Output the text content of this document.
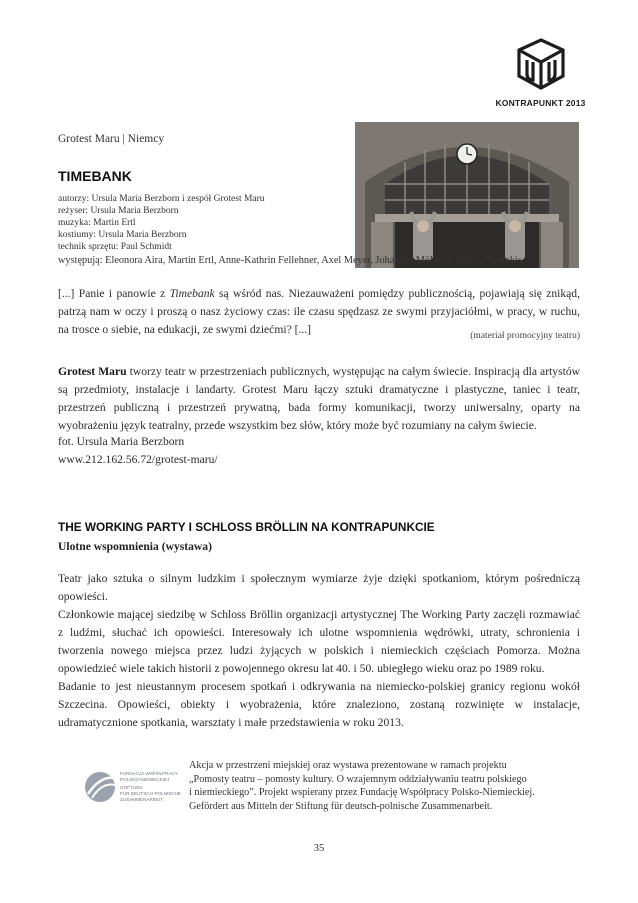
KONTRAPUNKT 2013
Grotest Maru | Niemcy
TIMEBANK
autorzy: Ursula Maria Berzborn i zespół Grotest Maru
reżyser: Ursula Maria Berzborn
muzyka: Martin Ertl
kostiumy: Ursula Maria Berzborn
technik sprzętu: Paul Schmidt
występują: Eleonora Aira, Martin Ertl, Anne-Kathrin Fellehner, Axel Meyer, Johannes Mölders, Spiros Paterakis

[...] Panie i panowie z Timebank są wśród nas. Niezauważeni pomiędzy publicznością, pojawiają się znikąd, patrzą nam w oczy i proszą o nasz życiowy czas: ile czasu spędzasz ze swymi przyjaciółmi, w pracy, w ruchu, na trosce o siebie, na edukacji, ze swymi dziećmi? [...]	(materiał promocyjny teatru)

Grotest Maru tworzy teatr w przestrzeniach publicznych, występując na całym świecie. Inspiracją dla artystów są przedmioty, instalacje i landarty. Grotest Maru łączy sztuki dramatyczne i plastyczne, taniec i teatr, przestrzeń publiczną i przestrzeń prywatną, bada formy komunikacji, tworzy uniwersalny, oparty na wyobrażeniu język teatralny, przede wszystkim bez słów, który może być rozumiany na całym świecie.

fot. Ursula Maria Berzborn
www.212.162.56.72/grotest-maru/
THE WORKING PARTY I SCHLOSS BRÖLLIN NA KONTRAPUNKCIE
Ulotne wspomnienia (wystawa)

Teatr jako sztuka o silnym ludzkim i społecznym wymiarze żyje dzięki spotkaniom, którym pośredniczą opowieści.

Członkowie mającej siedzibę w Schloss Bröllin organizacji artystycznej The Working Party zaczęli rozmawiać z ludźmi, słuchać ich opowieści. Interesowały ich ulotne wspomnienia wędrówki, utraty, schronienia i tworzenia nowego miejsca przez ludzi żyjących w polskich i niemieckich częściach Pomorza. Można opowiedzieć wiele takich historii z powojennego okresu lat 40. i 50. ubiegłego wieku oraz po 1989 roku.

Badanie to jest nieustannym procesem spotkań i odkrywania na niemiecko-polskiej granicy regionu wokół Szczecina. Opowieści, obiekty i wyobrażenia, które znaleziono, zostaną rozwinięte w instalacje, udramatycznione spotkania, warsztaty i małe przedstawienia w roku 2013.

FUNDACJA WSPÓŁPRACY
POLSKO-NIEMIECKIEJ
STIFTUNG
FÜR DEUTSCH-POLNISCHE
ZUSAMMENARBEIT
Akcja w przestrzeni miejskiej oraz wystawa prezentowane w ramach projektu
„Pomosty teatru – pomosty kultury. O wzajemnym oddziaływaniu teatru polskiego
i niemieckiego”. Projekt wspierany przez Fundację Współpracy Polsko-Niemieckiej.
Gefördert aus Mitteln der Stiftung für deutsch-polnische Zusammenarbeit.
35
